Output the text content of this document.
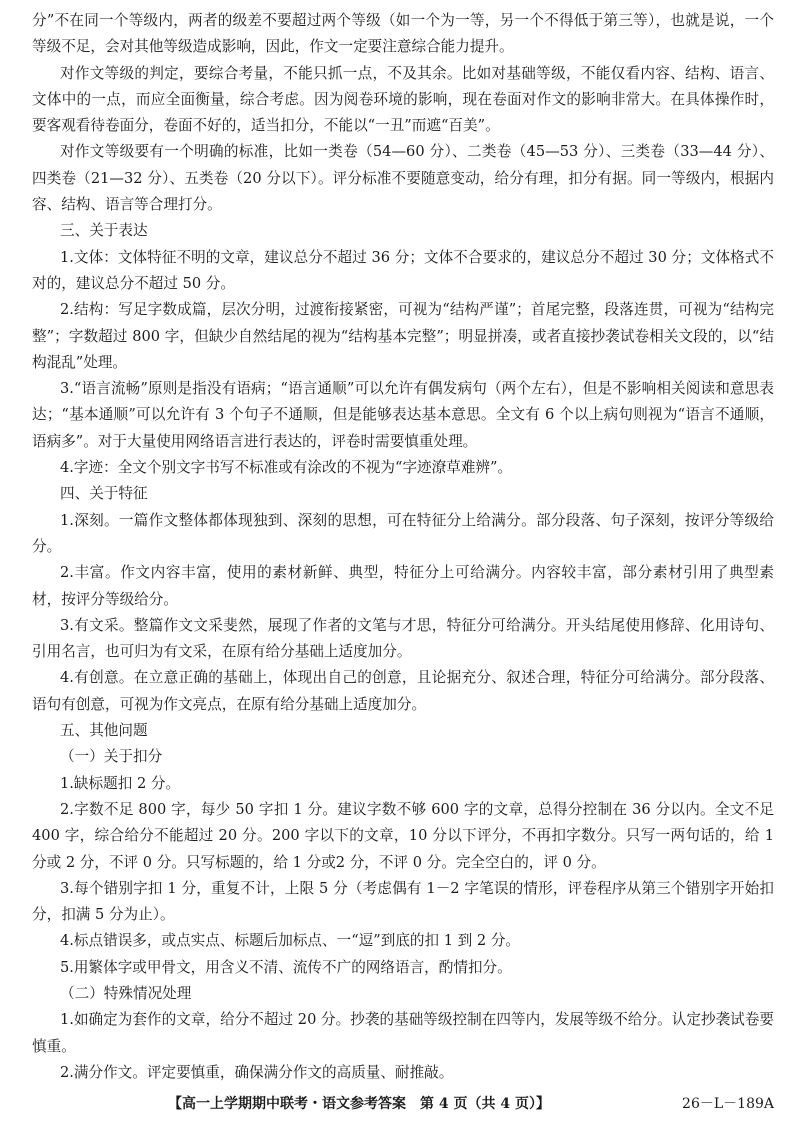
分”不在同一个等级内，两者的级差不要超过两个等级（如一个为一等，另一个不得低于第三等），也就是说，一个等级不足，会对其他等级造成影响，因此，作文一定要注意综合能力提升。

对作文等级的判定，要综合考量，不能只抓一点，不及其余。比如对基础等级，不能仅看内容、结构、语言、文体中的一点，而应全面衡量，综合考虑。因为阅卷环境的影响，现在卷面对作文的影响非常大。在具体操作时，要客观看待卷面分，卷面不好的，适当扣分，不能以“一丑”而遮“百美”。

对作文等级要有一个明确的标准，比如一类卷（54—60 分）、二类卷（45—53 分）、三类卷（33—44 分）、四类卷（21—32 分）、五类卷（20 分以下）。评分标准不要随意变动，给分有理，扣分有据。同一等级内，根据内容、结构、语言等合理打分。

三、关于表达

1.文体：文体特征不明的文章，建议总分不超过 36 分；文体不合要求的，建议总分不超过 30 分；文体格式不对的，建议总分不超过 50 分。

2.结构：写足字数成篇，层次分明，过渡衔接紧密，可视为“结构严谨”；首尾完整，段落连贯，可视为“结构完整”；字数超过 800 字，但缺少自然结尾的视为“结构基本完整”；明显拼凑，或者直接抄袭试卷相关文段的，以“结构混乱”处理。

3.“语言流畅”原则是指没有语病；“语言通顺”可以允许有偶发病句（两个左右），但是不影响相关阅读和意思表达；“基本通顺”可以允许有 3 个句子不通顺，但是能够表达基本意思。全文有 6 个以上病句则视为“语言不通顺，语病多”。对于大量使用网络语言进行表达的，评卷时需要慎重处理。

4.字迹：全文个别文字书写不标准或有涂改的不视为“字迹潦草难辨”。

四、关于特征

1.深刻。一篇作文整体都体现独到、深刻的思想，可在特征分上给满分。部分段落、句子深刻，按评分等级给分。

2.丰富。作文内容丰富，使用的素材新鲜、典型，特征分上可给满分。内容较丰富，部分素材引用了典型素材，按评分等级给分。

3.有文采。整篇作文文采斐然，展现了作者的文笔与才思，特征分可给满分。开头结尾使用修辞、化用诗句、引用名言，也可归为有文采，在原有给分基础上适度加分。

4.有创意。在立意正确的基础上，体现出自己的创意，且论据充分、叙述合理，特征分可给满分。部分段落、语句有创意，可视为作文亮点，在原有给分基础上适度加分。

五、其他问题

（一）关于扣分

1.缺标题扣 2 分。

2.字数不足 800 字，每少 50 字扣 1 分。建议字数不够 600 字的文章，总得分控制在 36 分以内。全文不足 400 字，综合给分不能超过 20 分。200 字以下的文章，10 分以下评分，不再扣字数分。只写一两句话的，给 1 分或 2 分，不评 0 分。只写标题的，给 1 分或2 分，不评 0 分。完全空白的，评 0 分。

3.每个错别字扣 1 分，重复不计，上限 5 分（考虑偶有 1－2 字笔误的情形，评卷程序从第三个错别字开始扣分，扣满 5 分为止）。

4.标点错误多，或点实点、标题后加标点、一“逗”到底的扣 1 到 2 分。

5.用繁体字或甲骨文，用含义不清、流传不广的网络语言，酌情扣分。

（二）特殊情况处理

1.如确定为套作的文章，给分不超过 20 分。抄袭的基础等级控制在四等内，发展等级不给分。认定抄袭试卷要慎重。

2.满分作文。评定要慎重，确保满分作文的高质量、耐推敲。

【高一上学期期中联考・语文参考答案　第 4 页（共 4 页）】	26－L－189A
